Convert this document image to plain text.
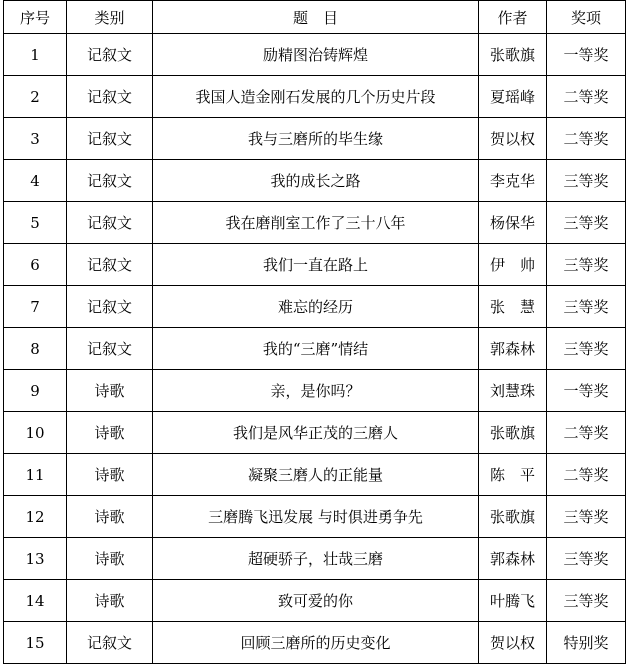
序号	类别	题　目	作者	奖项
1	记叙文	励精图治铸辉煌	张歌旗	一等奖
2	记叙文	我国人造金刚石发展的几个历史片段	夏瑶峰	二等奖
3	记叙文	我与三磨所的毕生缘	贺以权	二等奖
4	记叙文	我的成长之路	李克华	三等奖
5	记叙文	我在磨削室工作了三十八年	杨保华	三等奖
6	记叙文	我们一直在路上	伊　帅	三等奖
7	记叙文	难忘的经历	张　慧	三等奖
8	记叙文	我的“三磨”情结	郭森林	三等奖
9	诗歌	亲，是你吗？	刘慧珠	一等奖
10	诗歌	我们是风华正茂的三磨人	张歌旗	二等奖
11	诗歌	凝聚三磨人的正能量	陈　平	二等奖
12	诗歌	三磨腾飞迅发展 与时俱进勇争先	张歌旗	三等奖
13	诗歌	超硬骄子，壮哉三磨	郭森林	三等奖
14	诗歌	致可爱的你	叶腾飞	三等奖
15	记叙文	回顾三磨所的历史变化	贺以权	特别奖
